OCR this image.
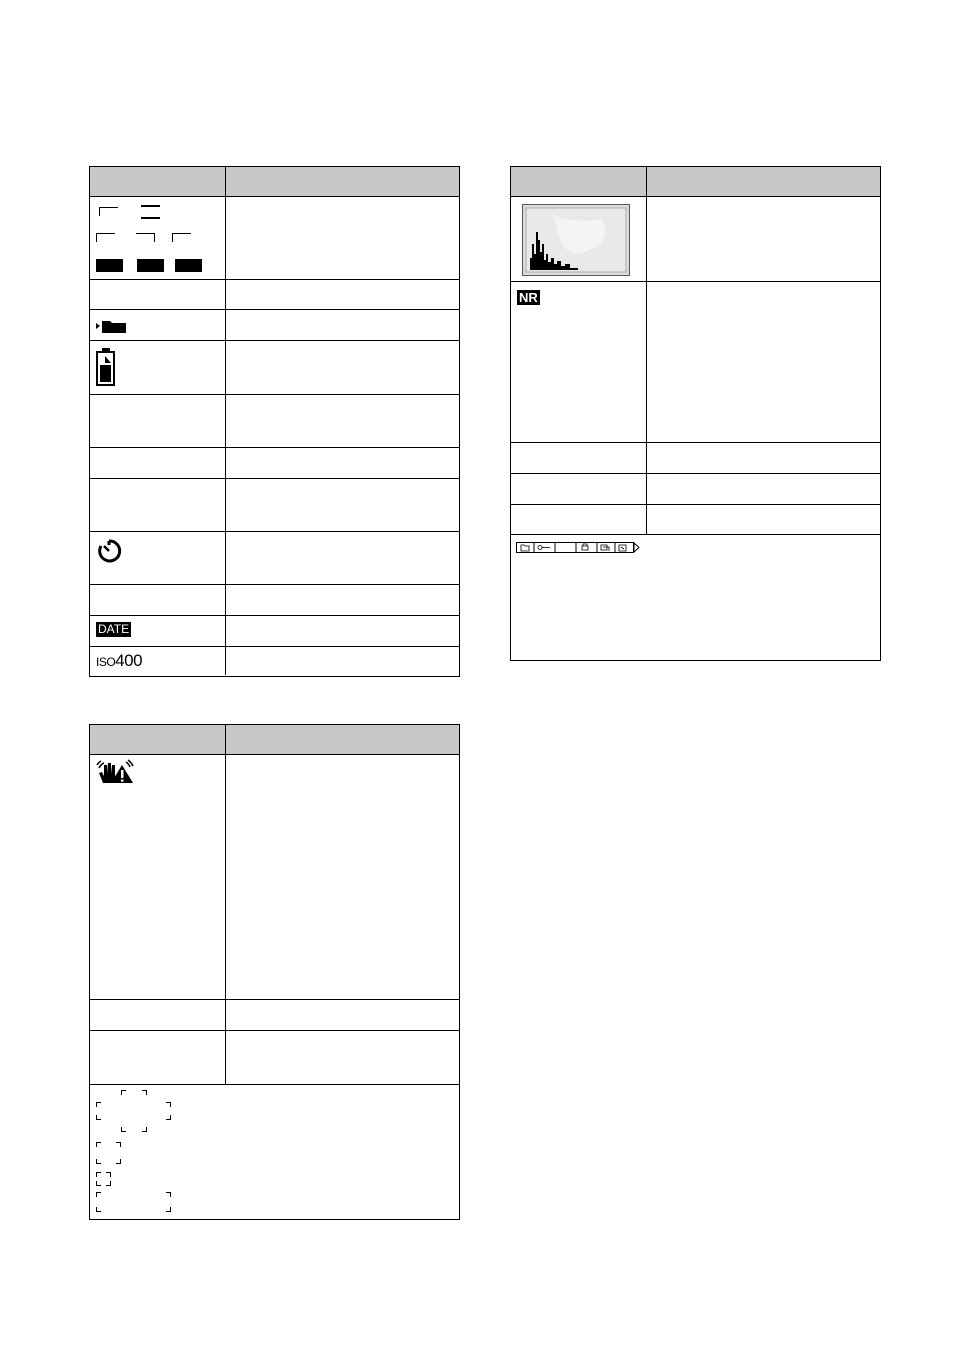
DATE
ISO400
NR
